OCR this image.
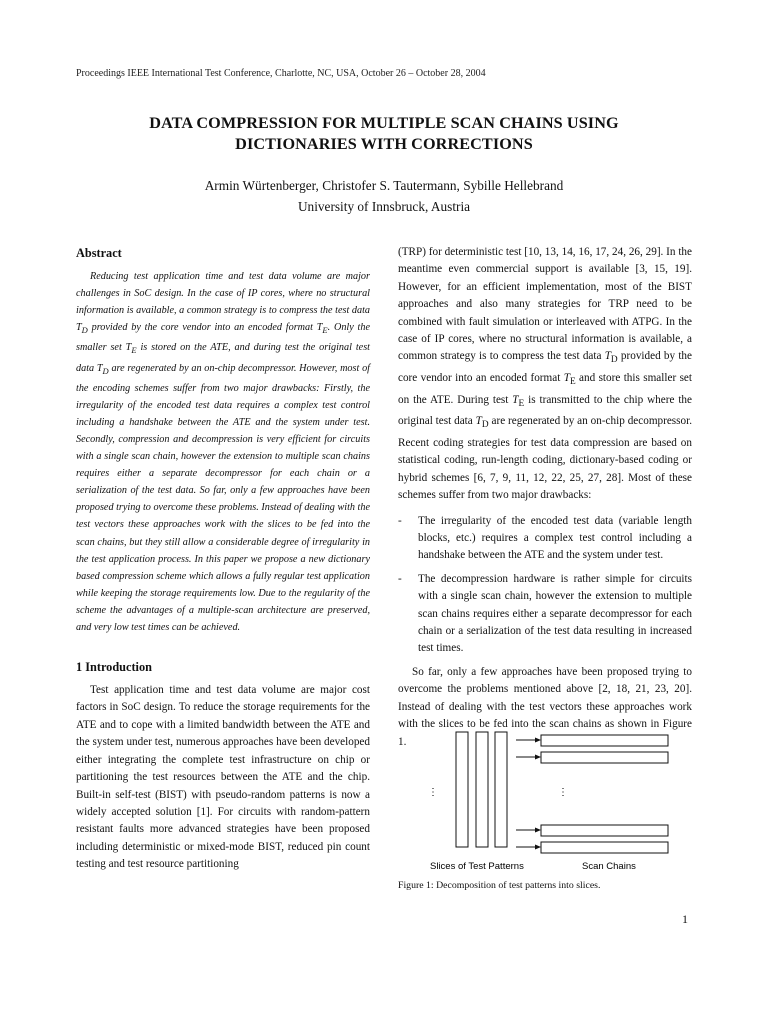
Proceedings IEEE International Test Conference, Charlotte, NC, USA, October 26 – October 28, 2004
DATA COMPRESSION FOR MULTIPLE SCAN CHAINS USING
DICTIONARIES WITH CORRECTIONS
Armin Würtenberger, Christofer S. Tautermann, Sybille Hellebrand
University of Innsbruck, Austria

Abstract

Reducing test application time and test data volume are major challenges in SoC design. In the case of IP cores, where no structural information is available, a common strategy is to compress the test data $T_D$ provided by the core vendor into an encoded format $T_E$. Only the smaller set $T_E$ is stored on the ATE, and during test the original test data $T_D$ are regenerated by an on-chip decompressor. However, most of the encoding schemes suffer from two major drawbacks: Firstly, the irregularity of the encoded test data requires a complex test control including a handshake between the ATE and the system under test. Secondly, compression and decompression is very efficient for circuits with a single scan chain, however the extension to multiple scan chains requires either a separate decompressor for each chain or a serialization of the test data. So far, only a few approaches have been proposed trying to overcome these problems. Instead of dealing with the test vectors these approaches work with the slices to be fed into the scan chains, but they still allow a considerable degree of irregularity in the test application process. In this paper we propose a new dictionary based compression scheme which allows a fully regular test application while keeping the storage requirements low. Due to the regularity of the scheme the advantages of a multiple-scan architecture are preserved, and very low test times can be achieved.

1 Introduction

Test application time and test data volume are major cost factors in SoC design. To reduce the storage requirements for the ATE and to cope with a limited bandwidth between the ATE and the system under test, numerous approaches have been developed either integrating the complete test infrastructure on chip or partitioning the test resources between the ATE and the chip. Built-in self-test (BIST) with pseudo-random patterns is now a widely accepted solution [1]. For circuits with random-pattern resistant faults more advanced strategies have been proposed including deterministic or mixed-mode BIST, reduced pin count testing and test resource partitioning

(TRP) for deterministic test [10, 13, 14, 16, 17, 24, 26, 29]. In the meantime even commercial support is available [3, 15, 19]. However, for an efficient implementation, most of the BIST approaches and also many strategies for TRP need to be combined with fault simulation or interleaved with ATPG. In the case of IP cores, where no structural information is available, a common strategy is to compress the test data $T_D$ provided by the core vendor into an encoded format $T_E$ and store this smaller set on the ATE. During test $T_E$ is transmitted to the chip where the original test data $T_D$ are regenerated by an on-chip decompressor. Recent coding strategies for test data compression are based on statistical coding, run-length coding, dictionary-based coding or hybrid schemes [6, 7, 9, 11, 12, 22, 25, 27, 28]. Most of these schemes suffer from two major drawbacks:

- The irregularity of the encoded test data (variable length blocks, etc.) requires a complex test control including a handshake between the ATE and the system under test.
- The decompression hardware is rather simple for circuits with a single scan chain, however the extension to multiple scan chains requires either a separate decompressor for each chain or a serialization of the test data resulting in increased test times.

So far, only a few approaches have been proposed trying to overcome the problems mentioned above [2, 18, 21, 23, 20]. Instead of dealing with the test vectors these approaches work with the slices to be fed into the scan chains as shown in Figure 1.

⋮	⋮
Slices of Test Patterns	Scan Chains
Figure 1: Decomposition of test patterns into slices.
1
